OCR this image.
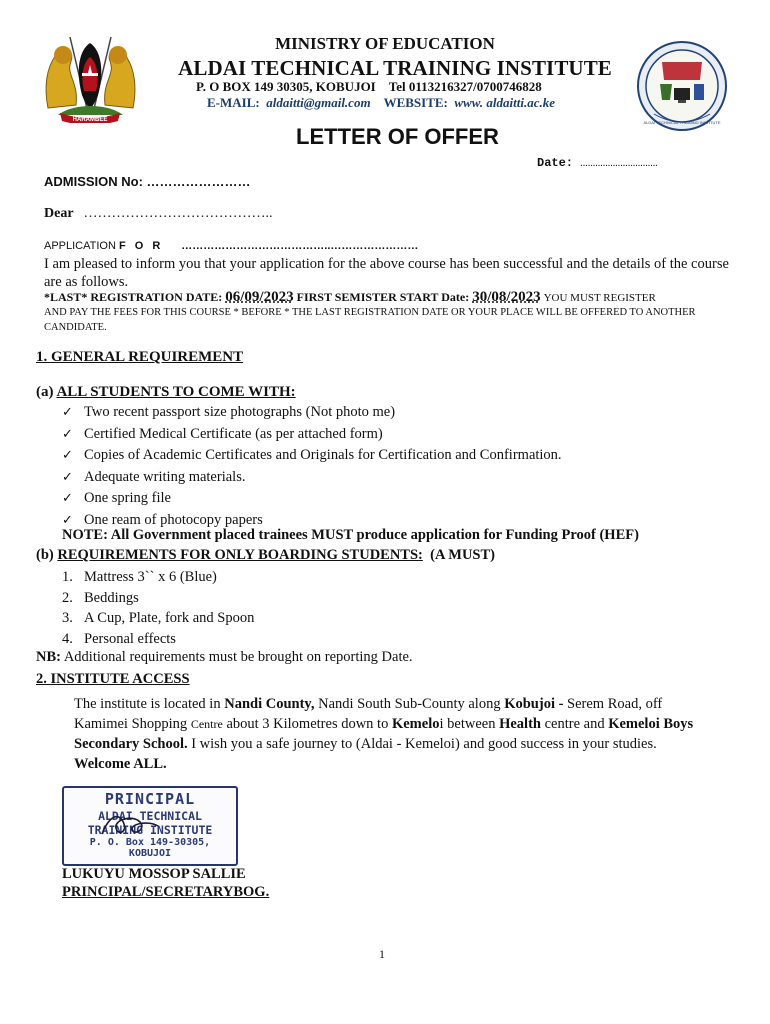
HARAMBEE	ALDAI TECHNICAL TRAINING INSTITUTE
MINISTRY OF EDUCATION
ALDAI TECHNICAL TRAINING INSTITUTE
P. O BOX 149 30305, KOBUJOI Tel 0113216327/0700746828
E-MAIL: aldaitti@gmail.com WEBSITE: www. aldaitti.ac.ke
LETTER OF OFFER
Date: ...............................
ADMISSION No: ……………………
Dear …………………………………..
APPLICATION F O R …………………………………..……………………
I am pleased to inform you that your application for the above course has been successful and the details of the course are as follows.
*LAST* REGISTRATION DATE: 06/09/2023 FIRST SEMISTER START Date: 30/08/2023 YOU MUST REGISTER
AND PAY THE FEES FOR THIS COURSE * BEFORE * THE LAST REGISTRATION DATE OR YOUR PLACE WILL BE OFFERED TO ANOTHER CANDIDATE.
1. GENERAL REQUIREMENT
(a) ALL STUDENTS TO COME WITH:
✓ Two recent passport size photographs (Not photo me)
✓ Certified Medical Certificate (as per attached form)
✓ Copies of Academic Certificates and Originals for Certification and Confirmation.
✓ Adequate writing materials.
✓ One spring file
✓ One ream of photocopy papers
NOTE: All Government placed trainees MUST produce application for Funding Proof (HEF)
(b) REQUIREMENTS FOR ONLY BOARDING STUDENTS: (A MUST)
1. Mattress 3`` x 6 (Blue)
2. Beddings
3. A Cup, Plate, fork and Spoon
4. Personal effects
NB: Additional requirements must be brought on reporting Date.
2. INSTITUTE ACCESS
The institute is located in Nandi County, Nandi South Sub-County along Kobujoi - Serem Road, off Kamimei Shopping Centre about 3 Kilometres down to Kemeloi between Health centre and Kemeloi Boys Secondary School. I wish you a safe journey to (Aldai - Kemeloi) and good success in your studies. Welcome ALL.
PRINCIPAL
ALDAI TECHNICAL
TRAINING INSTITUTE
P. O. Box 149-30305,
KOBUJOI
LUKUYU MOSSOP SALLIE
PRINCIPAL/SECRETARYBOG.
1
